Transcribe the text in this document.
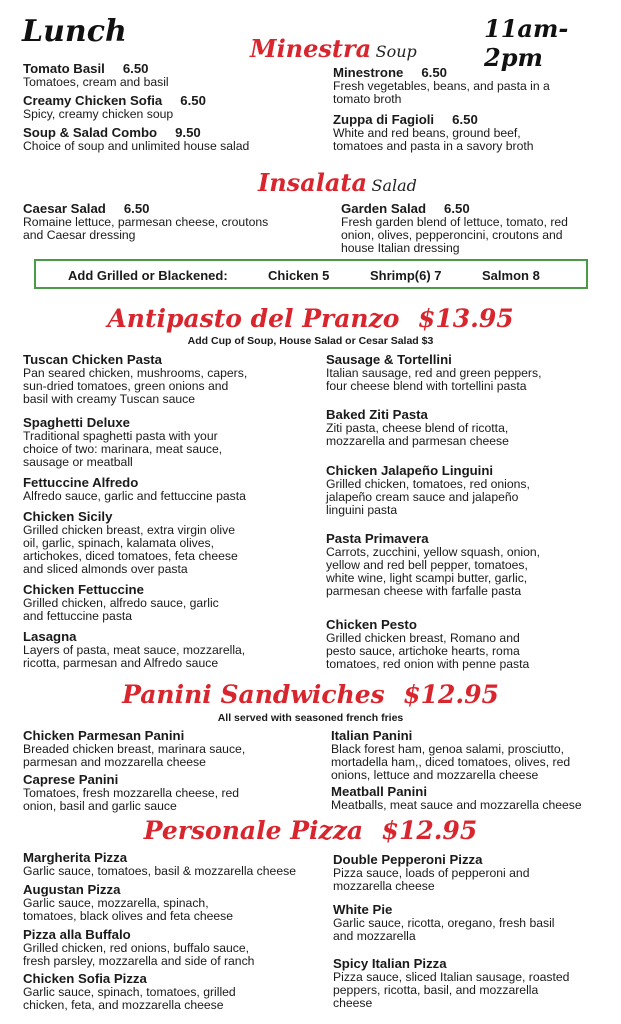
Lunch	11am-2pm
Minestra Soup
Tomato Basil 6.50
Tomatoes, cream and basil
Creamy Chicken Sofia 6.50
Spicy, creamy chicken soup
Soup & Salad Combo 9.50
Choice of soup and unlimited house salad
Minestrone 6.50
Fresh vegetables, beans, and pasta in a
tomato broth
Zuppa di Fagioli 6.50
White and red beans, ground beef,
tomatoes and pasta in a savory broth
Insalata Salad
Caesar Salad 6.50
Romaine lettuce, parmesan cheese, croutons
and Caesar dressing
Garden Salad 6.50
Fresh garden blend of lettuce, tomato, red
onion, olives, pepperoncini, croutons and
house Italian dressing
Add Grilled or Blackened:	Chicken 5	Shrimp(6) 7	Salmon 8
Antipasto del Pranzo $13.95
Add Cup of Soup, House Salad or Cesar Salad $3
Tuscan Chicken Pasta
Pan seared chicken, mushrooms, capers,
sun-dried tomatoes, green onions and
basil with creamy Tuscan sauce
Spaghetti Deluxe
Traditional spaghetti pasta with your
choice of two: marinara, meat sauce,
sausage or meatball
Fettuccine Alfredo
Alfredo sauce, garlic and fettuccine pasta
Chicken Sicily
Grilled chicken breast, extra virgin olive
oil, garlic, spinach, kalamata olives,
artichokes, diced tomatoes, feta cheese
and sliced almonds over pasta
Chicken Fettuccine
Grilled chicken, alfredo sauce, garlic
and fettuccine pasta
Lasagna
Layers of pasta, meat sauce, mozzarella,
ricotta, parmesan and Alfredo sauce
Sausage & Tortellini
Italian sausage, red and green peppers,
four cheese blend with tortellini pasta
Baked Ziti Pasta
Ziti pasta, cheese blend of ricotta,
mozzarella and parmesan cheese
Chicken Jalapeño Linguini
Grilled chicken, tomatoes, red onions,
jalapeño cream sauce and jalapeño
linguini pasta
Pasta Primavera
Carrots, zucchini, yellow squash, onion,
yellow and red bell pepper, tomatoes,
white wine, light scampi butter, garlic,
parmesan cheese with farfalle pasta
Chicken Pesto
Grilled chicken breast, Romano and
pesto sauce, artichoke hearts, roma
tomatoes, red onion with penne pasta
Panini Sandwiches $12.95
All served with seasoned french fries
Chicken Parmesan Panini
Breaded chicken breast, marinara sauce,
parmesan and mozzarella cheese
Caprese Panini
Tomatoes, fresh mozzarella cheese, red
onion, basil and garlic sauce
Italian Panini
Black forest ham, genoa salami, prosciutto,
mortadella ham,, diced tomatoes, olives, red
onions, lettuce and mozzarella cheese
Meatball Panini
Meatballs, meat sauce and mozzarella cheese
Personale Pizza $12.95
Margherita Pizza
Garlic sauce, tomatoes, basil & mozzarella cheese
Augustan Pizza
Garlic sauce, mozzarella, spinach,
tomatoes, black olives and feta cheese
Pizza alla Buffalo
Grilled chicken, red onions, buffalo sauce,
fresh parsley, mozzarella and side of ranch
Chicken Sofia Pizza
Garlic sauce, spinach, tomatoes, grilled
chicken, feta, and mozzarella cheese
Double Pepperoni Pizza
Pizza sauce, loads of pepperoni and
mozzarella cheese
White Pie
Garlic sauce, ricotta, oregano, fresh basil
and mozzarella
Spicy Italian Pizza
Pizza sauce, sliced Italian sausage, roasted
peppers, ricotta, basil, and mozzarella
cheese
